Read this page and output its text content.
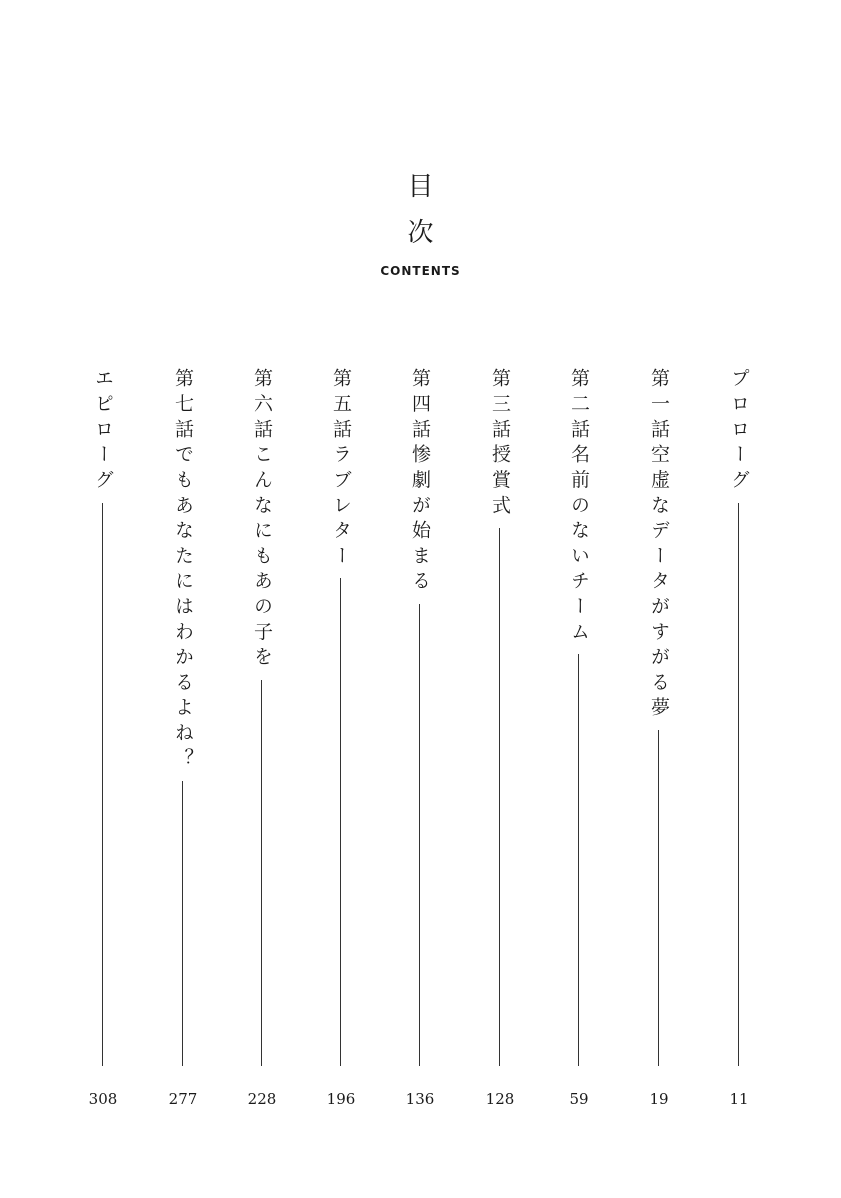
目
次
CONTENTS
プロローグ
11
第一話
空虚なデータがすがる夢
19
第二話
名前のないチーム
59
第三話
授賞式
128
第四話
惨劇が始まる
136
第五話
ラブレター
196
第六話
こんなにもあの子を
228
第七話
でもあなたにはわかるよね？
277
エピローグ
308
